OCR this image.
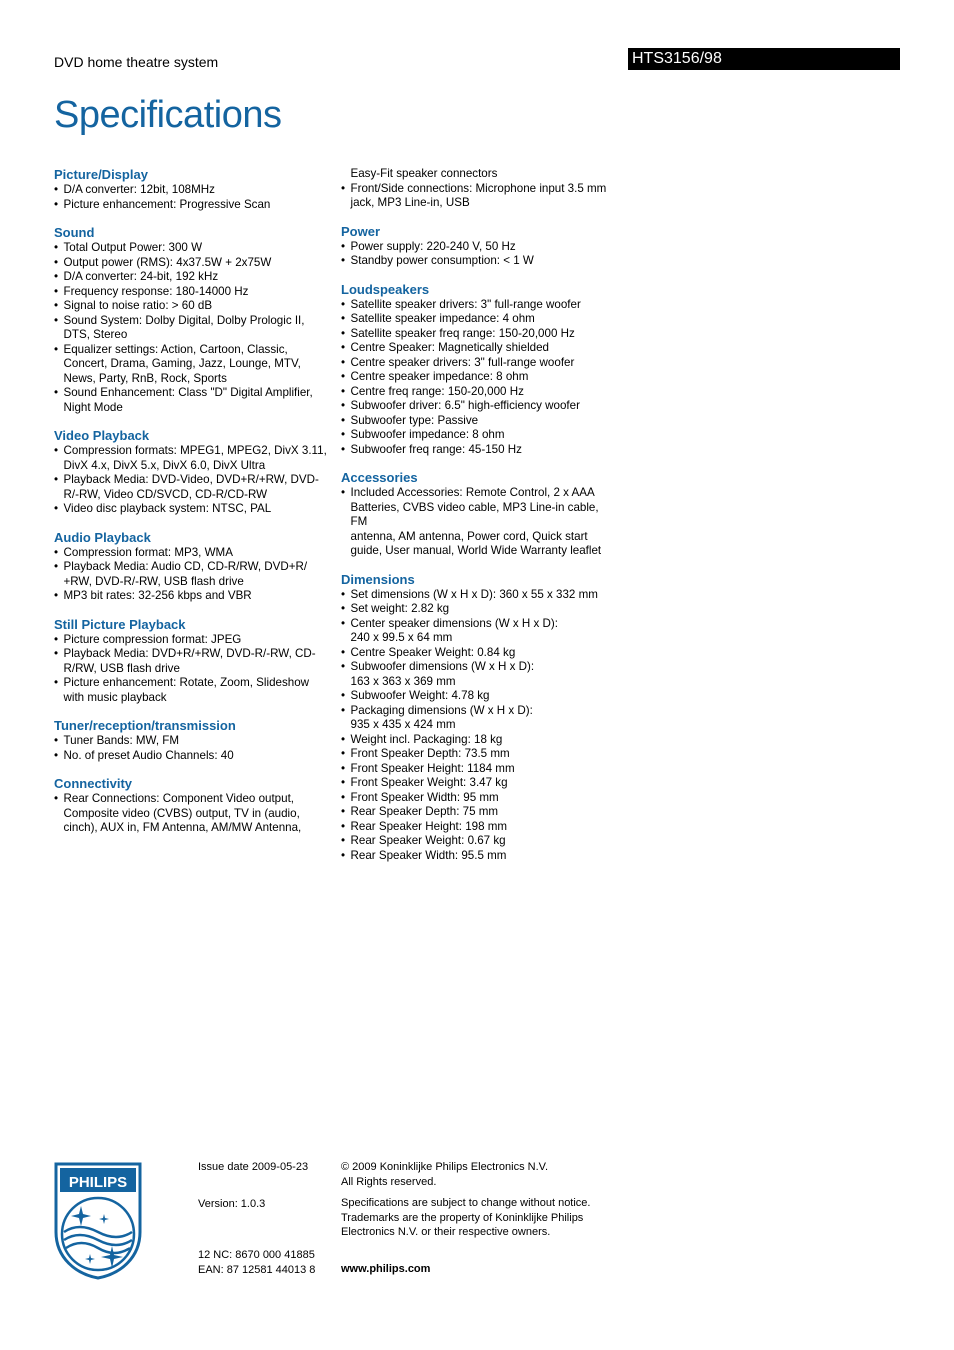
DVD home theatre system	HTS3156/98
Specifications
Picture/Display
• D/A converter: 12bit, 108MHz
• Picture enhancement: Progressive Scan
Sound
• Total Output Power: 300 W
• Output power (RMS): 4x37.5W + 2x75W
• D/A converter: 24-bit, 192 kHz
• Frequency response: 180-14000 Hz
• Signal to noise ratio: > 60 dB
• Sound System: Dolby Digital, Dolby Prologic II,
DTS, Stereo
• Equalizer settings: Action, Cartoon, Classic,
Concert, Drama, Gaming, Jazz, Lounge, MTV,
News, Party, RnB, Rock, Sports
• Sound Enhancement: Class "D" Digital Amplifier,
Night Mode
Video Playback
• Compression formats: MPEG1, MPEG2, DivX 3.11,
DivX 4.x, DivX 5.x, DivX 6.0, DivX Ultra
• Playback Media: DVD-Video, DVD+R/+RW, DVD-
R/-RW, Video CD/SVCD, CD-R/CD-RW
• Video disc playback system: NTSC, PAL
Audio Playback
• Compression format: MP3, WMA
• Playback Media: Audio CD, CD-R/RW, DVD+R/
+RW, DVD-R/-RW, USB flash drive
• MP3 bit rates: 32-256 kbps and VBR
Still Picture Playback
• Picture compression format: JPEG
• Playback Media: DVD+R/+RW, DVD-R/-RW, CD-
R/RW, USB flash drive
• Picture enhancement: Rotate, Zoom, Slideshow
with music playback
Tuner/reception/transmission
• Tuner Bands: MW, FM
• No. of preset Audio Channels: 40
Connectivity
• Rear Connections: Component Video output,
Composite video (CVBS) output, TV in (audio,
cinch), AUX in, FM Antenna, AM/MW Antenna,
Easy-Fit speaker connectors
• Front/Side connections: Microphone input 3.5 mm
jack, MP3 Line-in, USB
Power
• Power supply: 220-240 V, 50 Hz
• Standby power consumption: < 1 W
Loudspeakers
• Satellite speaker drivers: 3" full-range woofer
• Satellite speaker impedance: 4 ohm
• Satellite speaker freq range: 150-20,000 Hz
• Centre Speaker: Magnetically shielded
• Centre speaker drivers: 3" full-range woofer
• Centre speaker impedance: 8 ohm
• Centre freq range: 150-20,000 Hz
• Subwoofer driver: 6.5" high-efficiency woofer
• Subwoofer type: Passive
• Subwoofer impedance: 8 ohm
• Subwoofer freq range: 45-150 Hz
Accessories
• Included Accessories: Remote Control, 2 x AAA
Batteries, CVBS video cable, MP3 Line-in cable, FM
antenna, AM antenna, Power cord, Quick start
guide, User manual, World Wide Warranty leaflet
Dimensions
• Set dimensions (W x H x D): 360 x 55 x 332 mm
• Set weight: 2.82 kg
• Center speaker dimensions (W x H x D):
240 x 99.5 x 64 mm
• Centre Speaker Weight: 0.84 kg
• Subwoofer dimensions (W x H x D):
163 x 363 x 369 mm
• Subwoofer Weight: 4.78 kg
• Packaging dimensions (W x H x D):
935 x 435 x 424 mm
• Weight incl. Packaging: 18 kg
• Front Speaker Depth: 73.5 mm
• Front Speaker Height: 1184 mm
• Front Speaker Weight: 3.47 kg
• Front Speaker Width: 95 mm
• Rear Speaker Depth: 75 mm
• Rear Speaker Height: 198 mm
• Rear Speaker Weight: 0.67 kg
• Rear Speaker Width: 95.5 mm
PHILIPS

Issue date 2009-05-23

Version: 1.0.3

12 NC: 8670 000 41885

EAN: 87 12581 44013 8

© 2009 Koninklijke Philips Electronics N.V.

All Rights reserved.

Specifications are subject to change without notice.

Trademarks are the property of Koninklijke Philips

Electronics N.V. or their respective owners.

www.philips.com
